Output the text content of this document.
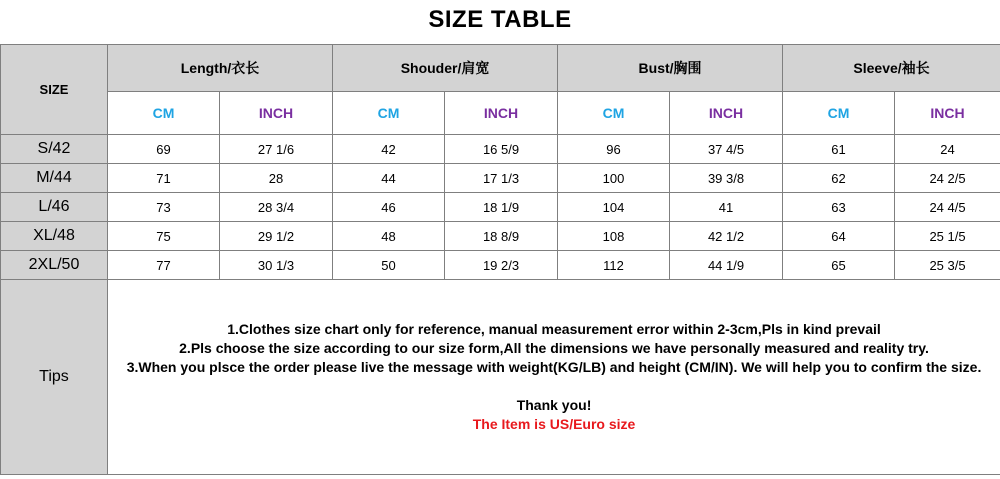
SIZE TABLE
SIZE	Length/衣长		Shouder/肩宽		Bust/胸围		Sleeve/袖长	
	CM	INCH	CM	INCH	CM	INCH	CM	INCH
S/42	69	27 1/6	42	16 5/9	96	37 4/5	61	24
M/44	71	28	44	17 1/3	100	39 3/8	62	24 2/5
L/46	73	28 3/4	46	18 1/9	104	41	63	24 4/5
XL/48	75	29 1/2	48	18 8/9	108	42 1/2	64	25 1/5
2XL/50	77	30 1/3	50	19 2/3	112	44 1/9	65	25 3/5
Tips	1.Clothes size chart only for reference, manual measurement error within 2-3cm,Pls in kind prevail
2.Pls choose the size according to our size form,All the dimensions we have personally measured and reality try.
3.When you plsce the order please live the message with weight(KG/LB) and height (CM/IN). We will help you to confirm the size.
Thank you!
The Item is US/Euro size							
